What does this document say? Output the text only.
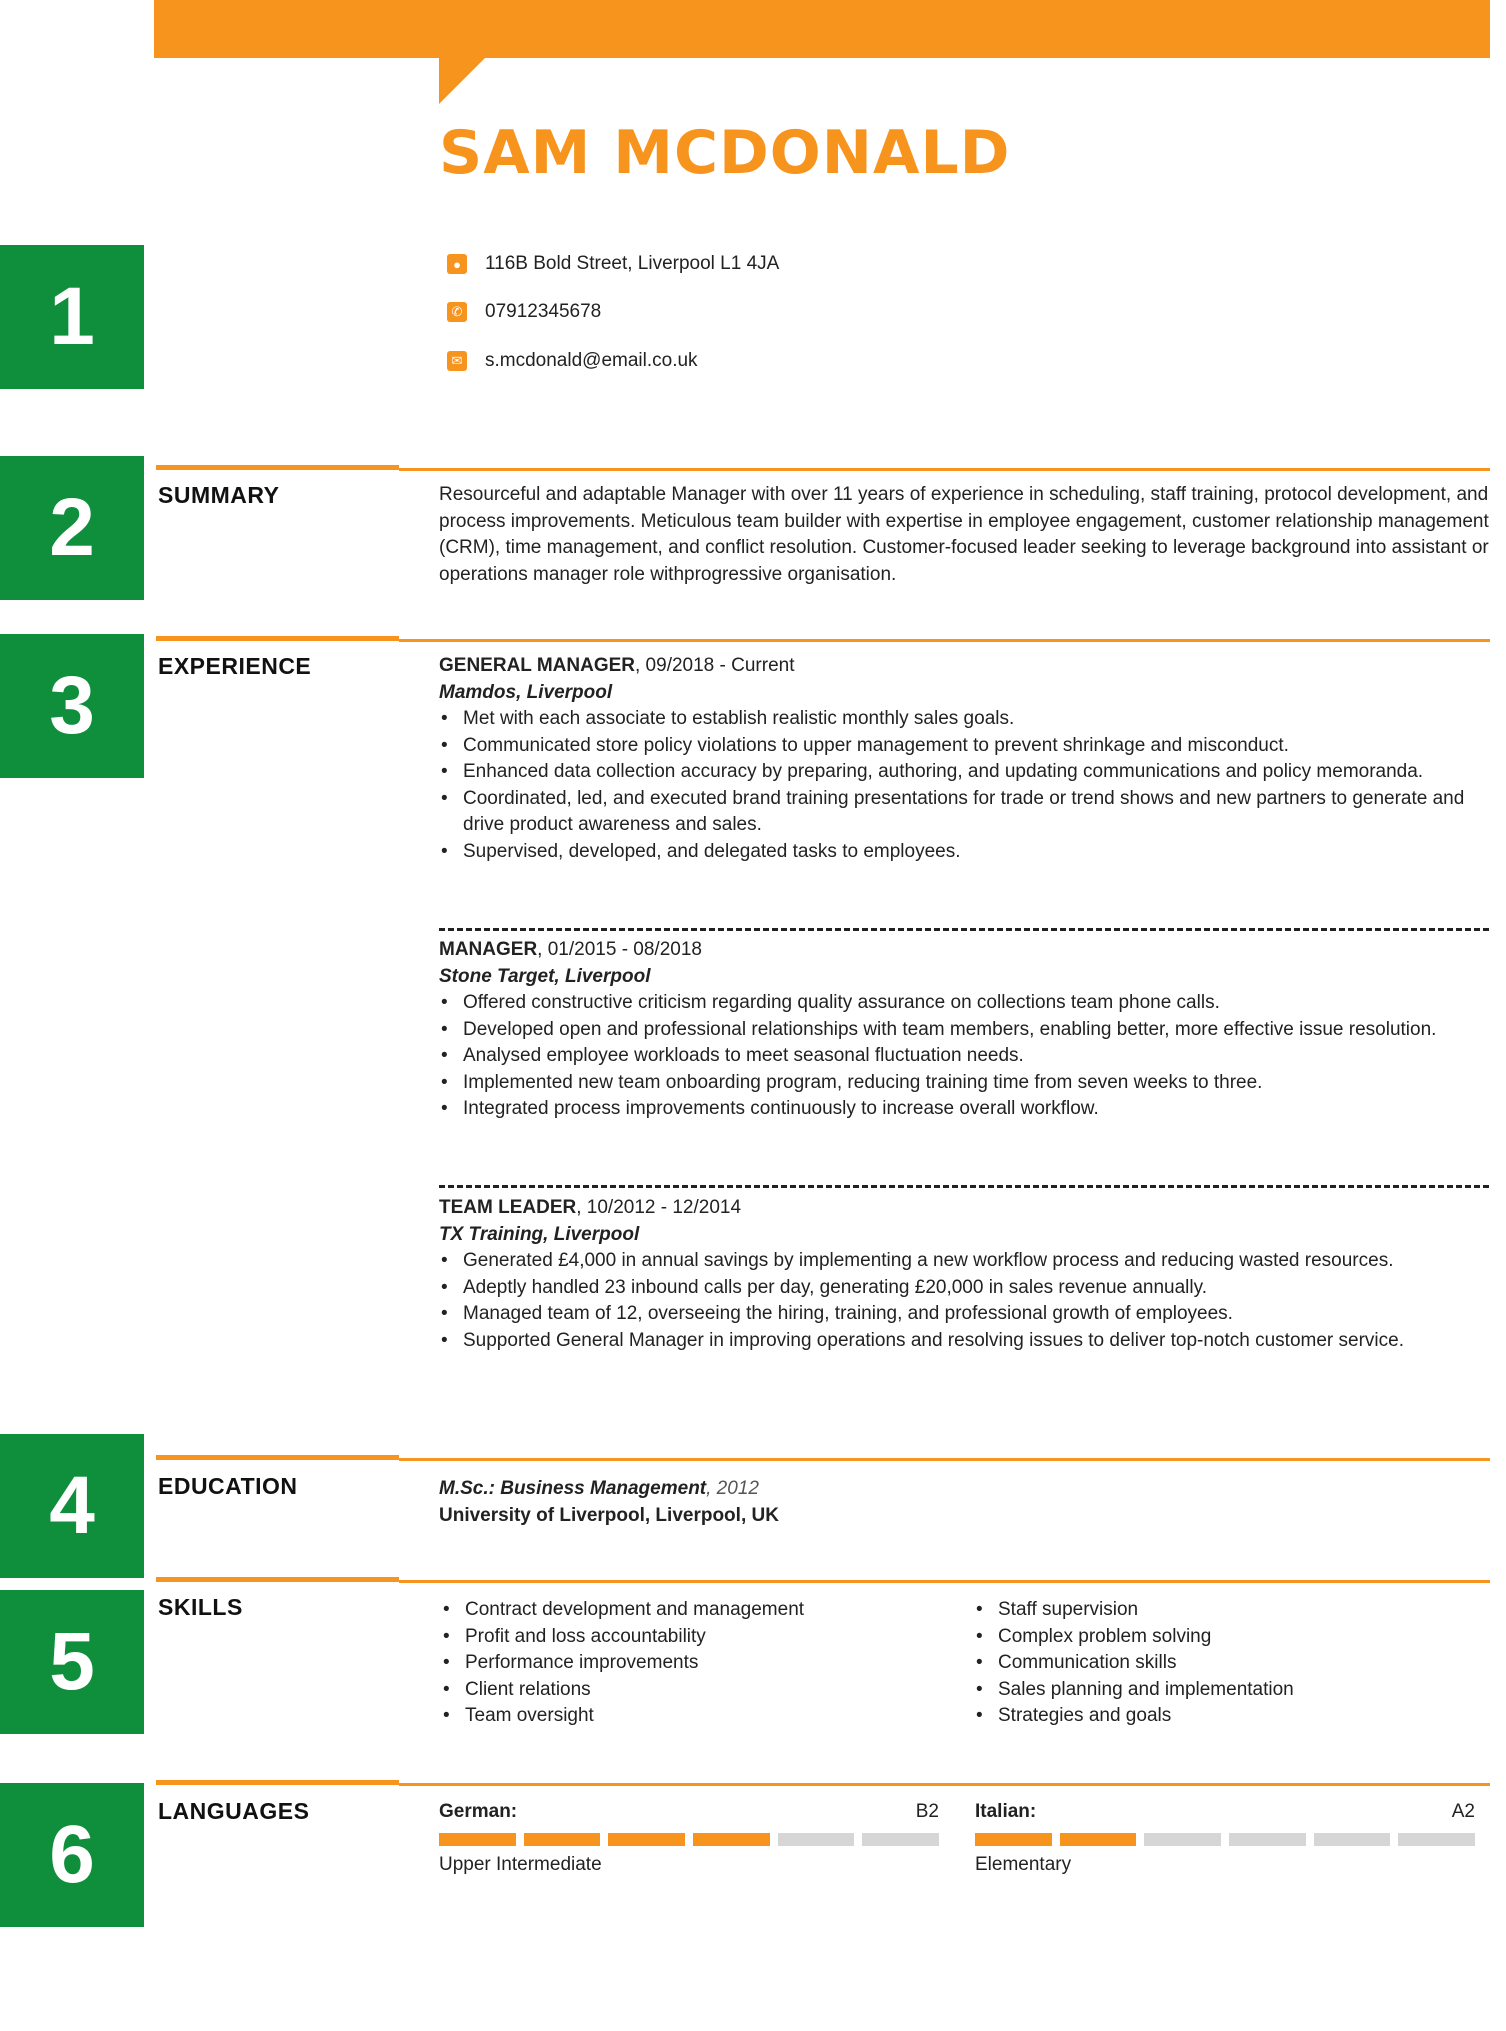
SAM MCDONALD
●	116B Bold Street, Liverpool L1 4JA
✆ 07912345678
✉ s.mcdonald@email.co.uk
1
2
3
4
5
6
SUMMARY	Resourceful and adaptable Manager with over 11 years of experience in scheduling, staff training, protocol development, and process improvements. Meticulous team builder with expertise in employee engagement, customer relationship management (CRM), time management, and conflict resolution. Customer-focused leader seeking to leverage background into assistant or operations manager role withprogressive organisation.
EXPERIENCE	GENERAL MANAGER, 09/2018 - Current
Mamdos, Liverpool
• Met with each associate to establish realistic monthly sales goals.
• Communicated store policy violations to upper management to prevent shrinkage and misconduct.
• Enhanced data collection accuracy by preparing, authoring, and updating communications and policy memoranda.
• Coordinated, led, and executed brand training presentations for trade or trend shows and new partners to generate and drive product awareness and sales.
• Supervised, developed, and delegated tasks to employees.
MANAGER, 01/2015 - 08/2018
Stone Target, Liverpool
• Offered constructive criticism regarding quality assurance on collections team phone calls.
• Developed open and professional relationships with team members, enabling better, more effective issue resolution.
• Analysed employee workloads to meet seasonal fluctuation needs.
• Implemented new team onboarding program, reducing training time from seven weeks to three.
• Integrated process improvements continuously to increase overall workflow.
TEAM LEADER, 10/2012 - 12/2014
TX Training, Liverpool
• Generated £4,000 in annual savings by implementing a new workflow process and reducing wasted resources.
• Adeptly handled 23 inbound calls per day, generating £20,000 in sales revenue annually.
• Managed team of 12, overseeing the hiring, training, and professional growth of employees.
• Supported General Manager in improving operations and resolving issues to deliver top-notch customer service.
EDUCATION	M.Sc.: Business Management, 2012
University of Liverpool, Liverpool, UK
SKILLS
•	Contract development and management
• Profit and loss accountability
• Performance improvements
• Client relations
• Team oversight
• Staff supervision
• Complex problem solving
• Communication skills
• Sales planning and implementation
• Strategies and goals
LANGUAGES	German:	B2
Upper Intermediate
Italian:	A2
Elementary
